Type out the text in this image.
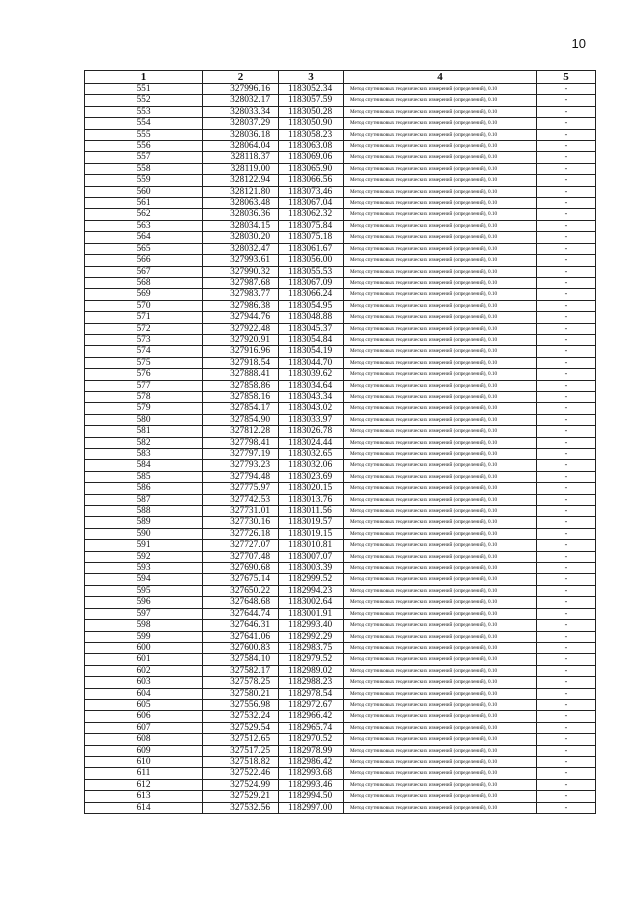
10
1	2	3	4	5
551	327996.16	1183052.34	Метод спутниковых геодезических измерений (определений), 0.10	-
552	328032.17	1183057.59	Метод спутниковых геодезических измерений (определений), 0.10	-
553	328033.34	1183050.28	Метод спутниковых геодезических измерений (определений), 0.10	-
554	328037.29	1183050.90	Метод спутниковых геодезических измерений (определений), 0.10	-
555	328036.18	1183058.23	Метод спутниковых геодезических измерений (определений), 0.10	-
556	328064.04	1183063.08	Метод спутниковых геодезических измерений (определений), 0.10	-
557	328118.37	1183069.06	Метод спутниковых геодезических измерений (определений), 0.10	-
558	328119.00	1183065.90	Метод спутниковых геодезических измерений (определений), 0.10	-
559	328122.94	1183066.56	Метод спутниковых геодезических измерений (определений), 0.10	-
560	328121.80	1183073.46	Метод спутниковых геодезических измерений (определений), 0.10	-
561	328063.48	1183067.04	Метод спутниковых геодезических измерений (определений), 0.10	-
562	328036.36	1183062.32	Метод спутниковых геодезических измерений (определений), 0.10	-
563	328034.15	1183075.84	Метод спутниковых геодезических измерений (определений), 0.10	-
564	328030.20	1183075.18	Метод спутниковых геодезических измерений (определений), 0.10	-
565	328032.47	1183061.67	Метод спутниковых геодезических измерений (определений), 0.10	-
566	327993.61	1183056.00	Метод спутниковых геодезических измерений (определений), 0.10	-
567	327990.32	1183055.53	Метод спутниковых геодезических измерений (определений), 0.10	-
568	327987.68	1183067.09	Метод спутниковых геодезических измерений (определений), 0.10	-
569	327983.77	1183066.24	Метод спутниковых геодезических измерений (определений), 0.10	-
570	327986.38	1183054.95	Метод спутниковых геодезических измерений (определений), 0.10	-
571	327944.76	1183048.88	Метод спутниковых геодезических измерений (определений), 0.10	-
572	327922.48	1183045.37	Метод спутниковых геодезических измерений (определений), 0.10	-
573	327920.91	1183054.84	Метод спутниковых геодезических измерений (определений), 0.10	-
574	327916.96	1183054.19	Метод спутниковых геодезических измерений (определений), 0.10	-
575	327918.54	1183044.70	Метод спутниковых геодезических измерений (определений), 0.10	-
576	327888.41	1183039.62	Метод спутниковых геодезических измерений (определений), 0.10	-
577	327858.86	1183034.64	Метод спутниковых геодезических измерений (определений), 0.10	-
578	327858.16	1183043.34	Метод спутниковых геодезических измерений (определений), 0.10	-
579	327854.17	1183043.02	Метод спутниковых геодезических измерений (определений), 0.10	-
580	327854.90	1183033.97	Метод спутниковых геодезических измерений (определений), 0.10	-
581	327812.28	1183026.78	Метод спутниковых геодезических измерений (определений), 0.10	-
582	327798.41	1183024.44	Метод спутниковых геодезических измерений (определений), 0.10	-
583	327797.19	1183032.65	Метод спутниковых геодезических измерений (определений), 0.10	-
584	327793.23	1183032.06	Метод спутниковых геодезических измерений (определений), 0.10	-
585	327794.48	1183023.69	Метод спутниковых геодезических измерений (определений), 0.10	-
586	327775.97	1183020.15	Метод спутниковых геодезических измерений (определений), 0.10	-
587	327742.53	1183013.76	Метод спутниковых геодезических измерений (определений), 0.10	-
588	327731.01	1183011.56	Метод спутниковых геодезических измерений (определений), 0.10	-
589	327730.16	1183019.57	Метод спутниковых геодезических измерений (определений), 0.10	-
590	327726.18	1183019.15	Метод спутниковых геодезических измерений (определений), 0.10	-
591	327727.07	1183010.81	Метод спутниковых геодезических измерений (определений), 0.10	-
592	327707.48	1183007.07	Метод спутниковых геодезических измерений (определений), 0.10	-
593	327690.68	1183003.39	Метод спутниковых геодезических измерений (определений), 0.10	-
594	327675.14	1182999.52	Метод спутниковых геодезических измерений (определений), 0.10	-
595	327650.22	1182994.23	Метод спутниковых геодезических измерений (определений), 0.10	-
596	327648.68	1183002.64	Метод спутниковых геодезических измерений (определений), 0.10	-
597	327644.74	1183001.91	Метод спутниковых геодезических измерений (определений), 0.10	-
598	327646.31	1182993.40	Метод спутниковых геодезических измерений (определений), 0.10	-
599	327641.06	1182992.29	Метод спутниковых геодезических измерений (определений), 0.10	-
600	327600.83	1182983.75	Метод спутниковых геодезических измерений (определений), 0.10	-
601	327584.10	1182979.52	Метод спутниковых геодезических измерений (определений), 0.10	-
602	327582.17	1182989.02	Метод спутниковых геодезических измерений (определений), 0.10	-
603	327578.25	1182988.23	Метод спутниковых геодезических измерений (определений), 0.10	-
604	327580.21	1182978.54	Метод спутниковых геодезических измерений (определений), 0.10	-
605	327556.98	1182972.67	Метод спутниковых геодезических измерений (определений), 0.10	-
606	327532.24	1182966.42	Метод спутниковых геодезических измерений (определений), 0.10	-
607	327529.54	1182965.74	Метод спутниковых геодезических измерений (определений), 0.10	-
608	327512.65	1182970.52	Метод спутниковых геодезических измерений (определений), 0.10	-
609	327517.25	1182978.99	Метод спутниковых геодезических измерений (определений), 0.10	-
610	327518.82	1182986.42	Метод спутниковых геодезических измерений (определений), 0.10	-
611	327522.46	1182993.68	Метод спутниковых геодезических измерений (определений), 0.10	-
612	327524.99	1182993.46	Метод спутниковых геодезических измерений (определений), 0.10	-
613	327529.21	1182994.50	Метод спутниковых геодезических измерений (определений), 0.10	-
614	327532.56	1182997.00	Метод спутниковых геодезических измерений (определений), 0.10	-
